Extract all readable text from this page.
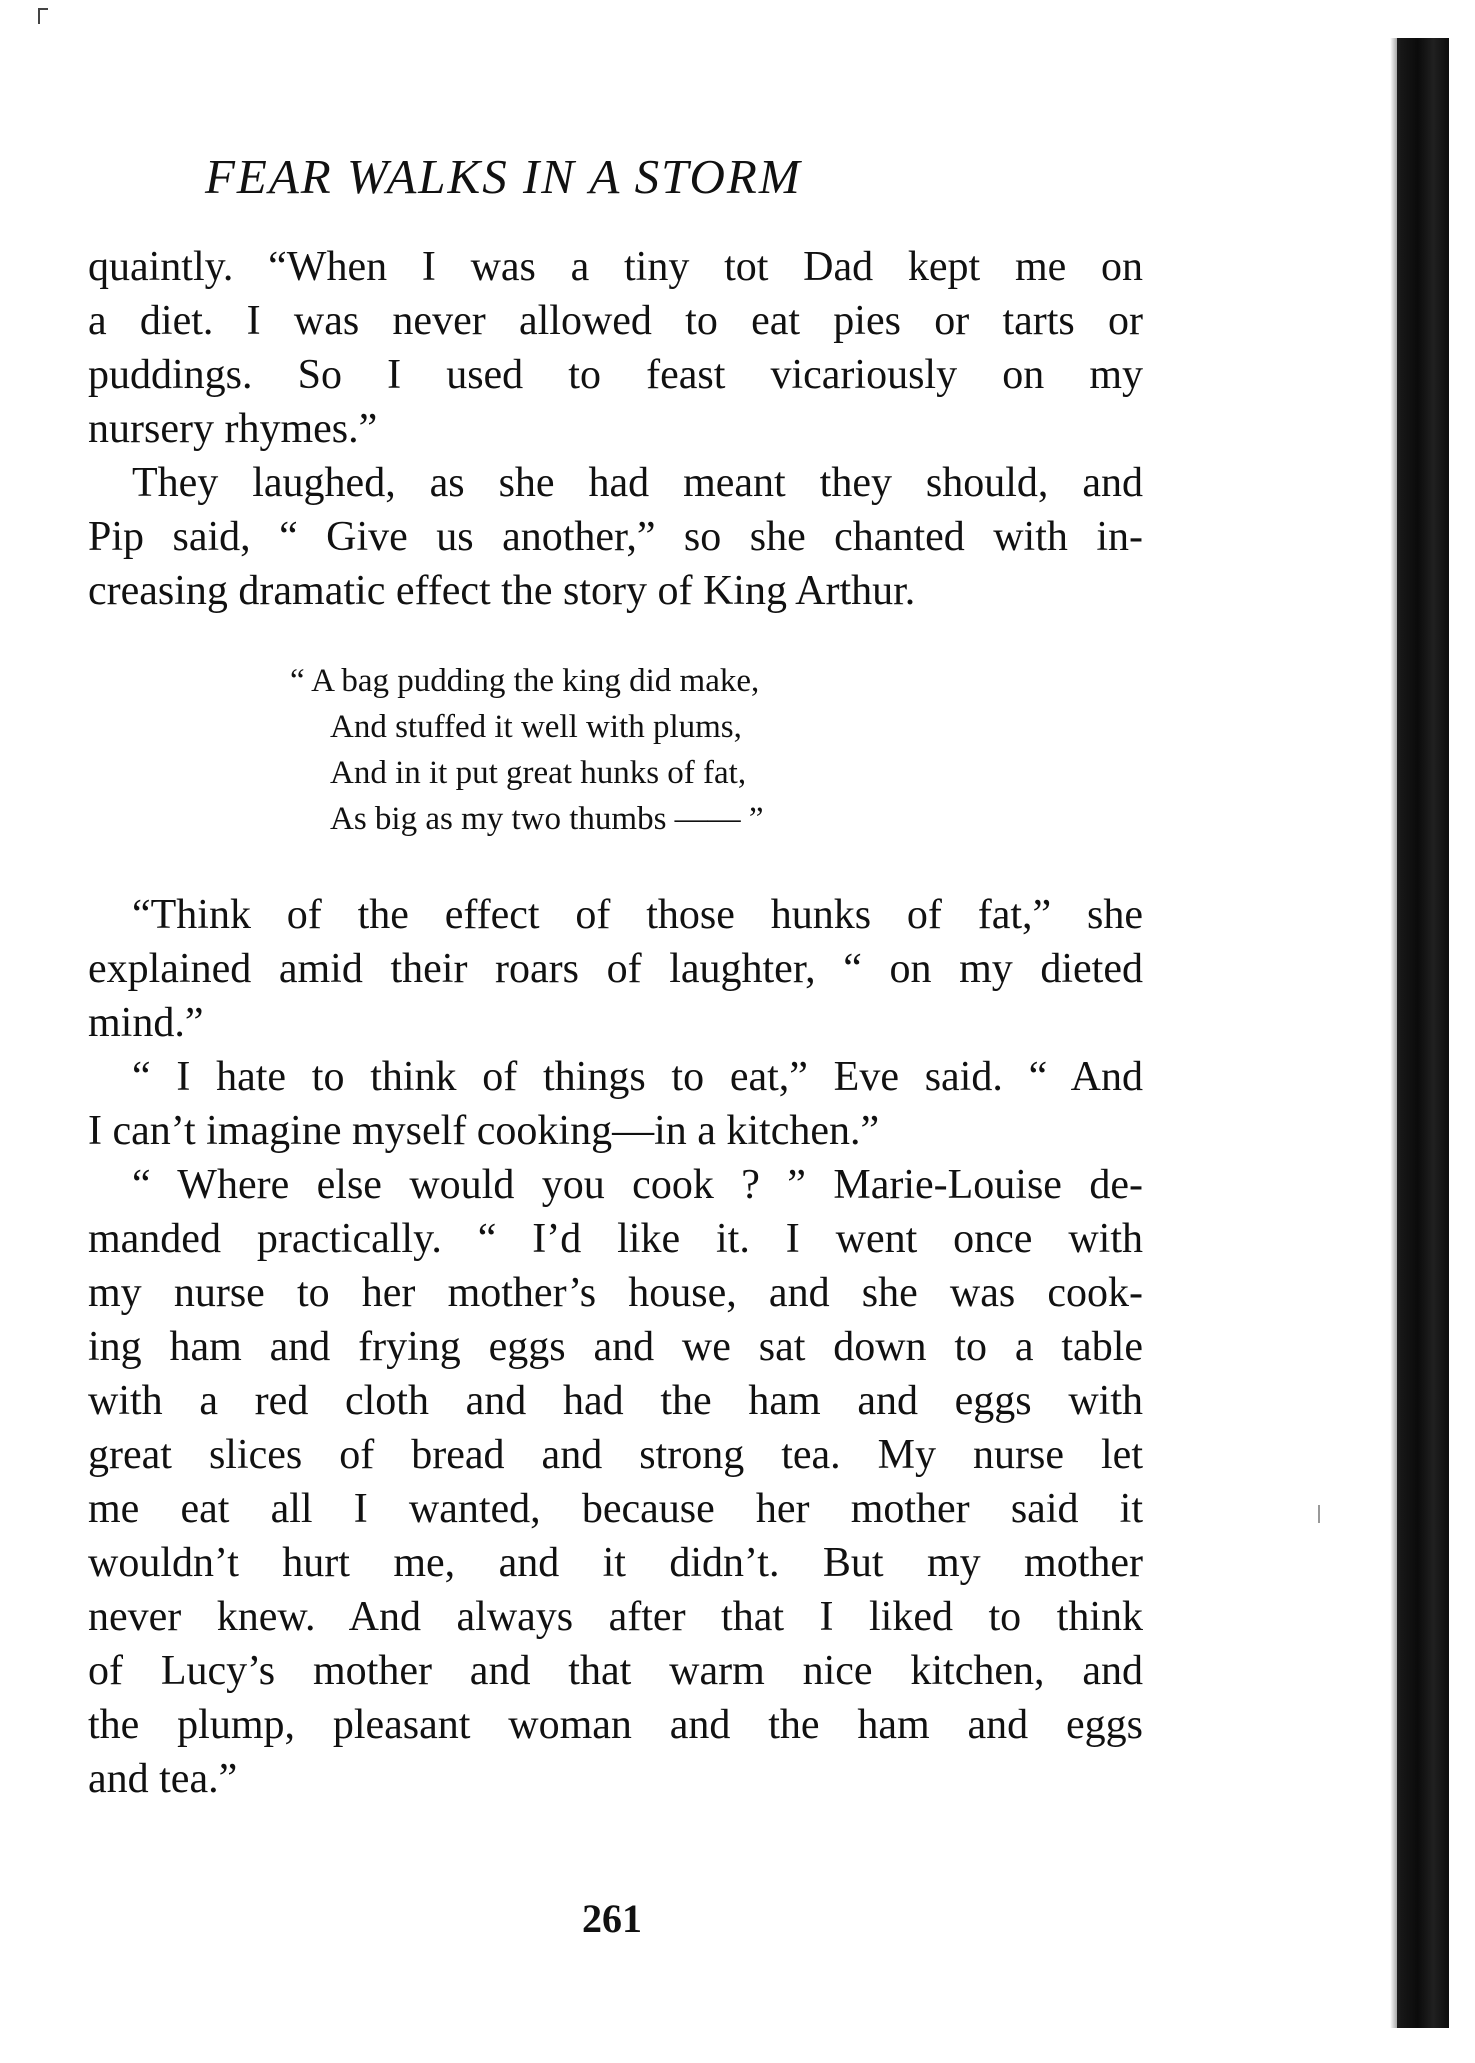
FEAR WALKS IN A STORM
quaintly. “When I was a tiny tot Dad kept me on
a diet. I was never allowed to eat pies or tarts or
puddings. So I used to feast vicariously on my
nursery rhymes.”
They laughed, as she had meant they should, and
Pip said, “ Give us another,” so she chanted with in-
creasing dramatic effect the story of King Arthur.
“ A bag pudding the king did make,
And stuffed it well with plums,
And in it put great hunks of fat,
As big as my two thumbs —— ”
“Think of the effect of those hunks of fat,” she
explained amid their roars of laughter, “ on my dieted
mind.”
“ I hate to think of things to eat,” Eve said. “ And
I can’t imagine myself cooking—in a kitchen.”
“ Where else would you cook ? ” Marie-Louise de-
manded practically. “ I’d like it. I went once with
my nurse to her mother’s house, and she was cook-
ing ham and frying eggs and we sat down to a table
with a red cloth and had the ham and eggs with
great slices of bread and strong tea. My nurse let
me eat all I wanted, because her mother said it
wouldn’t hurt me, and it didn’t. But my mother
never knew. And always after that I liked to think
of Lucy’s mother and that warm nice kitchen, and
the plump, pleasant woman and the ham and eggs
and tea.”
261
